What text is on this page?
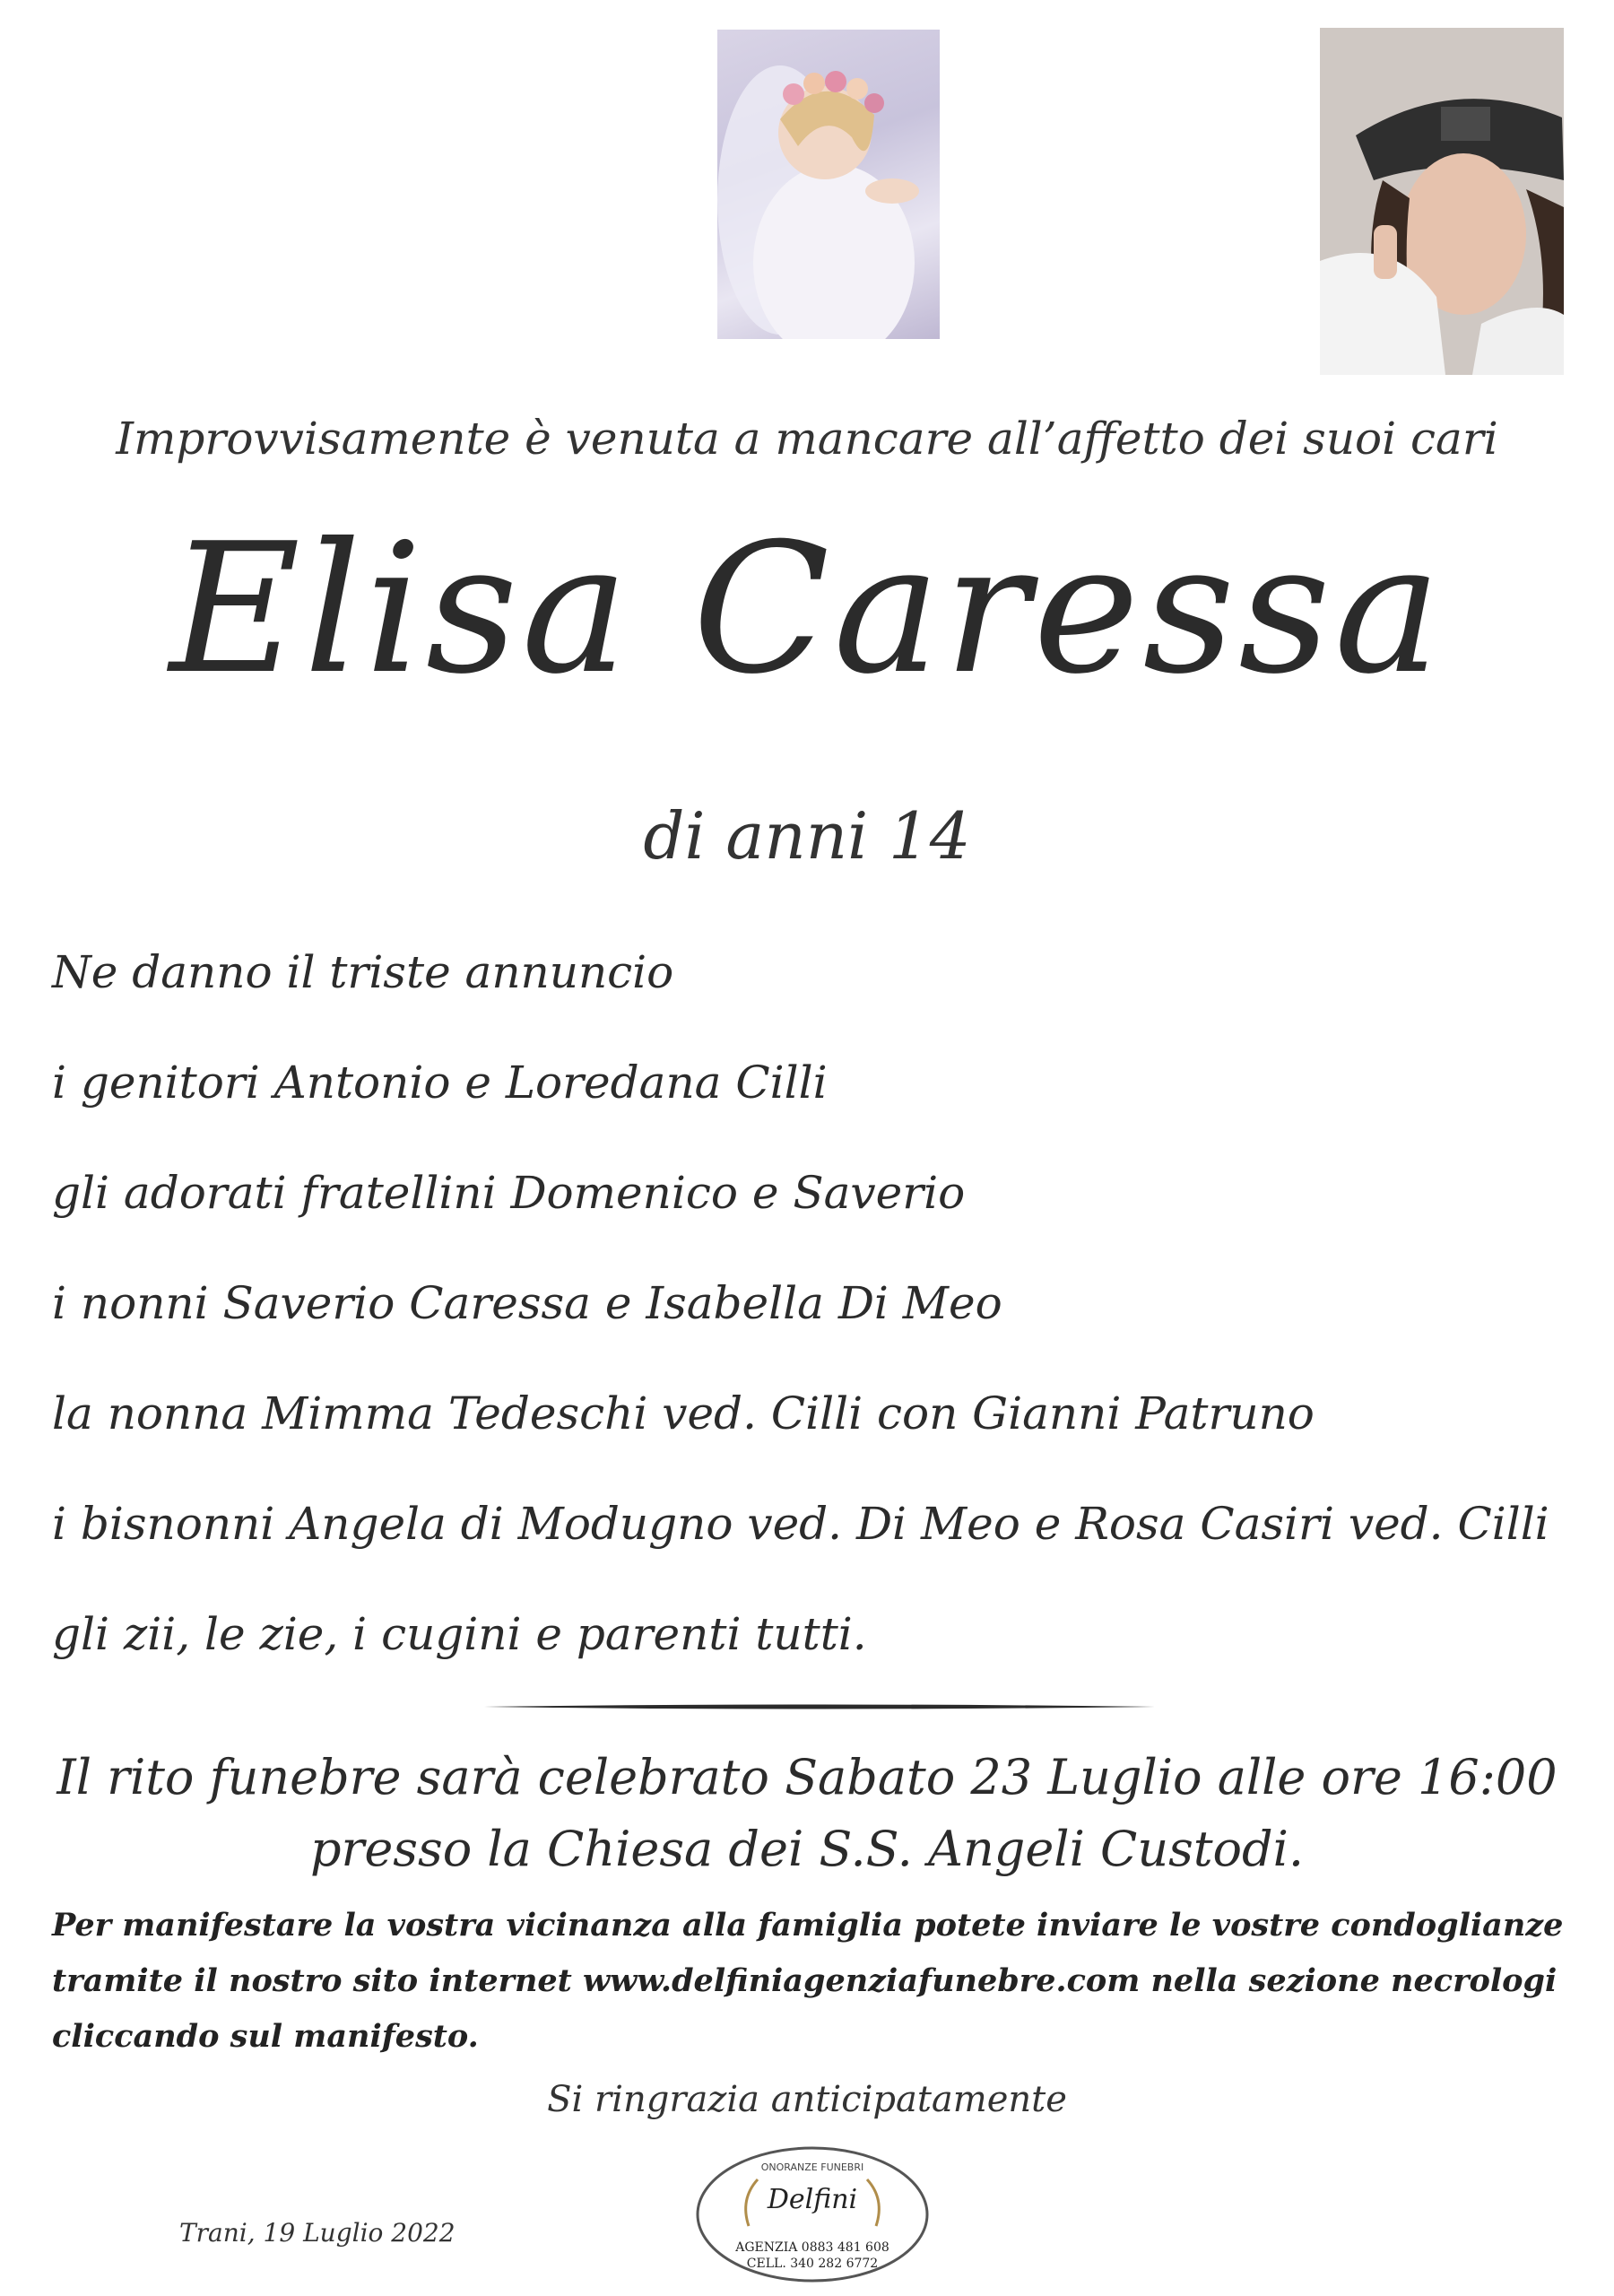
Improvvisamente è venuta a mancare all’affetto dei suoi cari
Elisa Caressa
di anni 14
Ne danno il triste annuncio
i genitori Antonio e Loredana Cilli
gli adorati fratellini Domenico e Saverio
i nonni Saverio Caressa e Isabella Di Meo
la nonna Mimma Tedeschi ved. Cilli con Gianni Patruno
i bisnonni Angela di Modugno ved. Di Meo e Rosa Casiri ved. Cilli
gli zii, le zie, i cugini e parenti tutti.
Il rito funebre sarà celebrato Sabato 23 Luglio alle ore 16:00
presso la Chiesa dei S.S. Angeli Custodi.
Per manifestare la vostra vicinanza alla famiglia potete inviare le vostre condoglianze
tramite il nostro sito internet www.delfiniagenziafunebre.com nella sezione necrologi
cliccando sul manifesto.
Si ringrazia anticipatamente
Trani, 19 Luglio 2022
ONORANZE FUNEBRI
Delfini
AGENZIA 0883 481 608
CELL. 340 282 6772
